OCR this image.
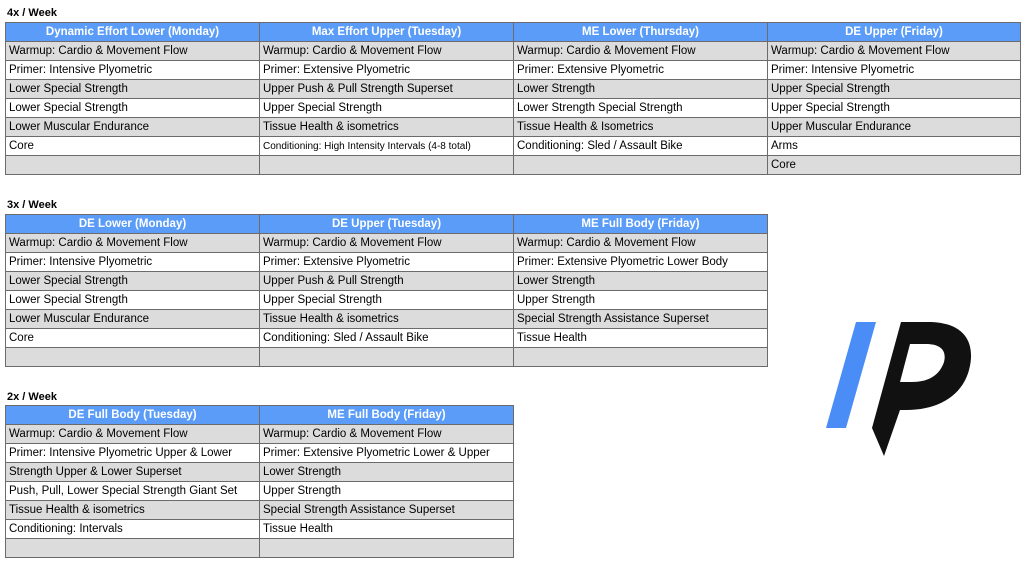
4x / Week
Dynamic Effort Lower (Monday)	Max Effort Upper (Tuesday)	ME Lower (Thursday)	DE Upper (Friday)
Warmup: Cardio & Movement Flow	Warmup: Cardio & Movement Flow	Warmup: Cardio & Movement Flow	Warmup: Cardio & Movement Flow
Primer: Intensive Plyometric	Primer: Extensive Plyometric	Primer: Extensive Plyometric	Primer: Intensive Plyometric
Lower Special Strength	Upper Push & Pull Strength Superset	Lower Strength	Upper Special Strength
Lower Special Strength	Upper Special Strength	Lower Strength Special Strength	Upper Special Strength
Lower Muscular Endurance	Tissue Health & isometrics	Tissue Health & Isometrics	Upper Muscular Endurance
Core	Conditioning: High Intensity Intervals (4-8 total)	Conditioning: Sled / Assault Bike	Arms
			Core
3x / Week
DE Lower (Monday)	DE Upper (Tuesday)	ME Full Body (Friday)
Warmup: Cardio & Movement Flow	Warmup: Cardio & Movement Flow	Warmup: Cardio & Movement Flow
Primer: Intensive Plyometric	Primer: Extensive Plyometric	Primer: Extensive Plyometric Lower Body
Lower Special Strength	Upper Push & Pull Strength	Lower Strength
Lower Special Strength	Upper Special Strength	Upper Strength
Lower Muscular Endurance	Tissue Health & isometrics	Special Strength Assistance Superset
Core	Conditioning: Sled / Assault Bike	Tissue Health

2x / Week
DE Full Body (Tuesday)	ME Full Body (Friday)
Warmup: Cardio & Movement Flow	Warmup: Cardio & Movement Flow
Primer: Intensive Plyometric Upper & Lower	Primer: Extensive Plyometric Lower & Upper
Strength Upper & Lower Superset	Lower Strength
Push, Pull, Lower Special Strength Giant Set	Upper Strength
Tissue Health & isometrics	Special Strength Assistance Superset
Conditioning: Intervals	Tissue Health
